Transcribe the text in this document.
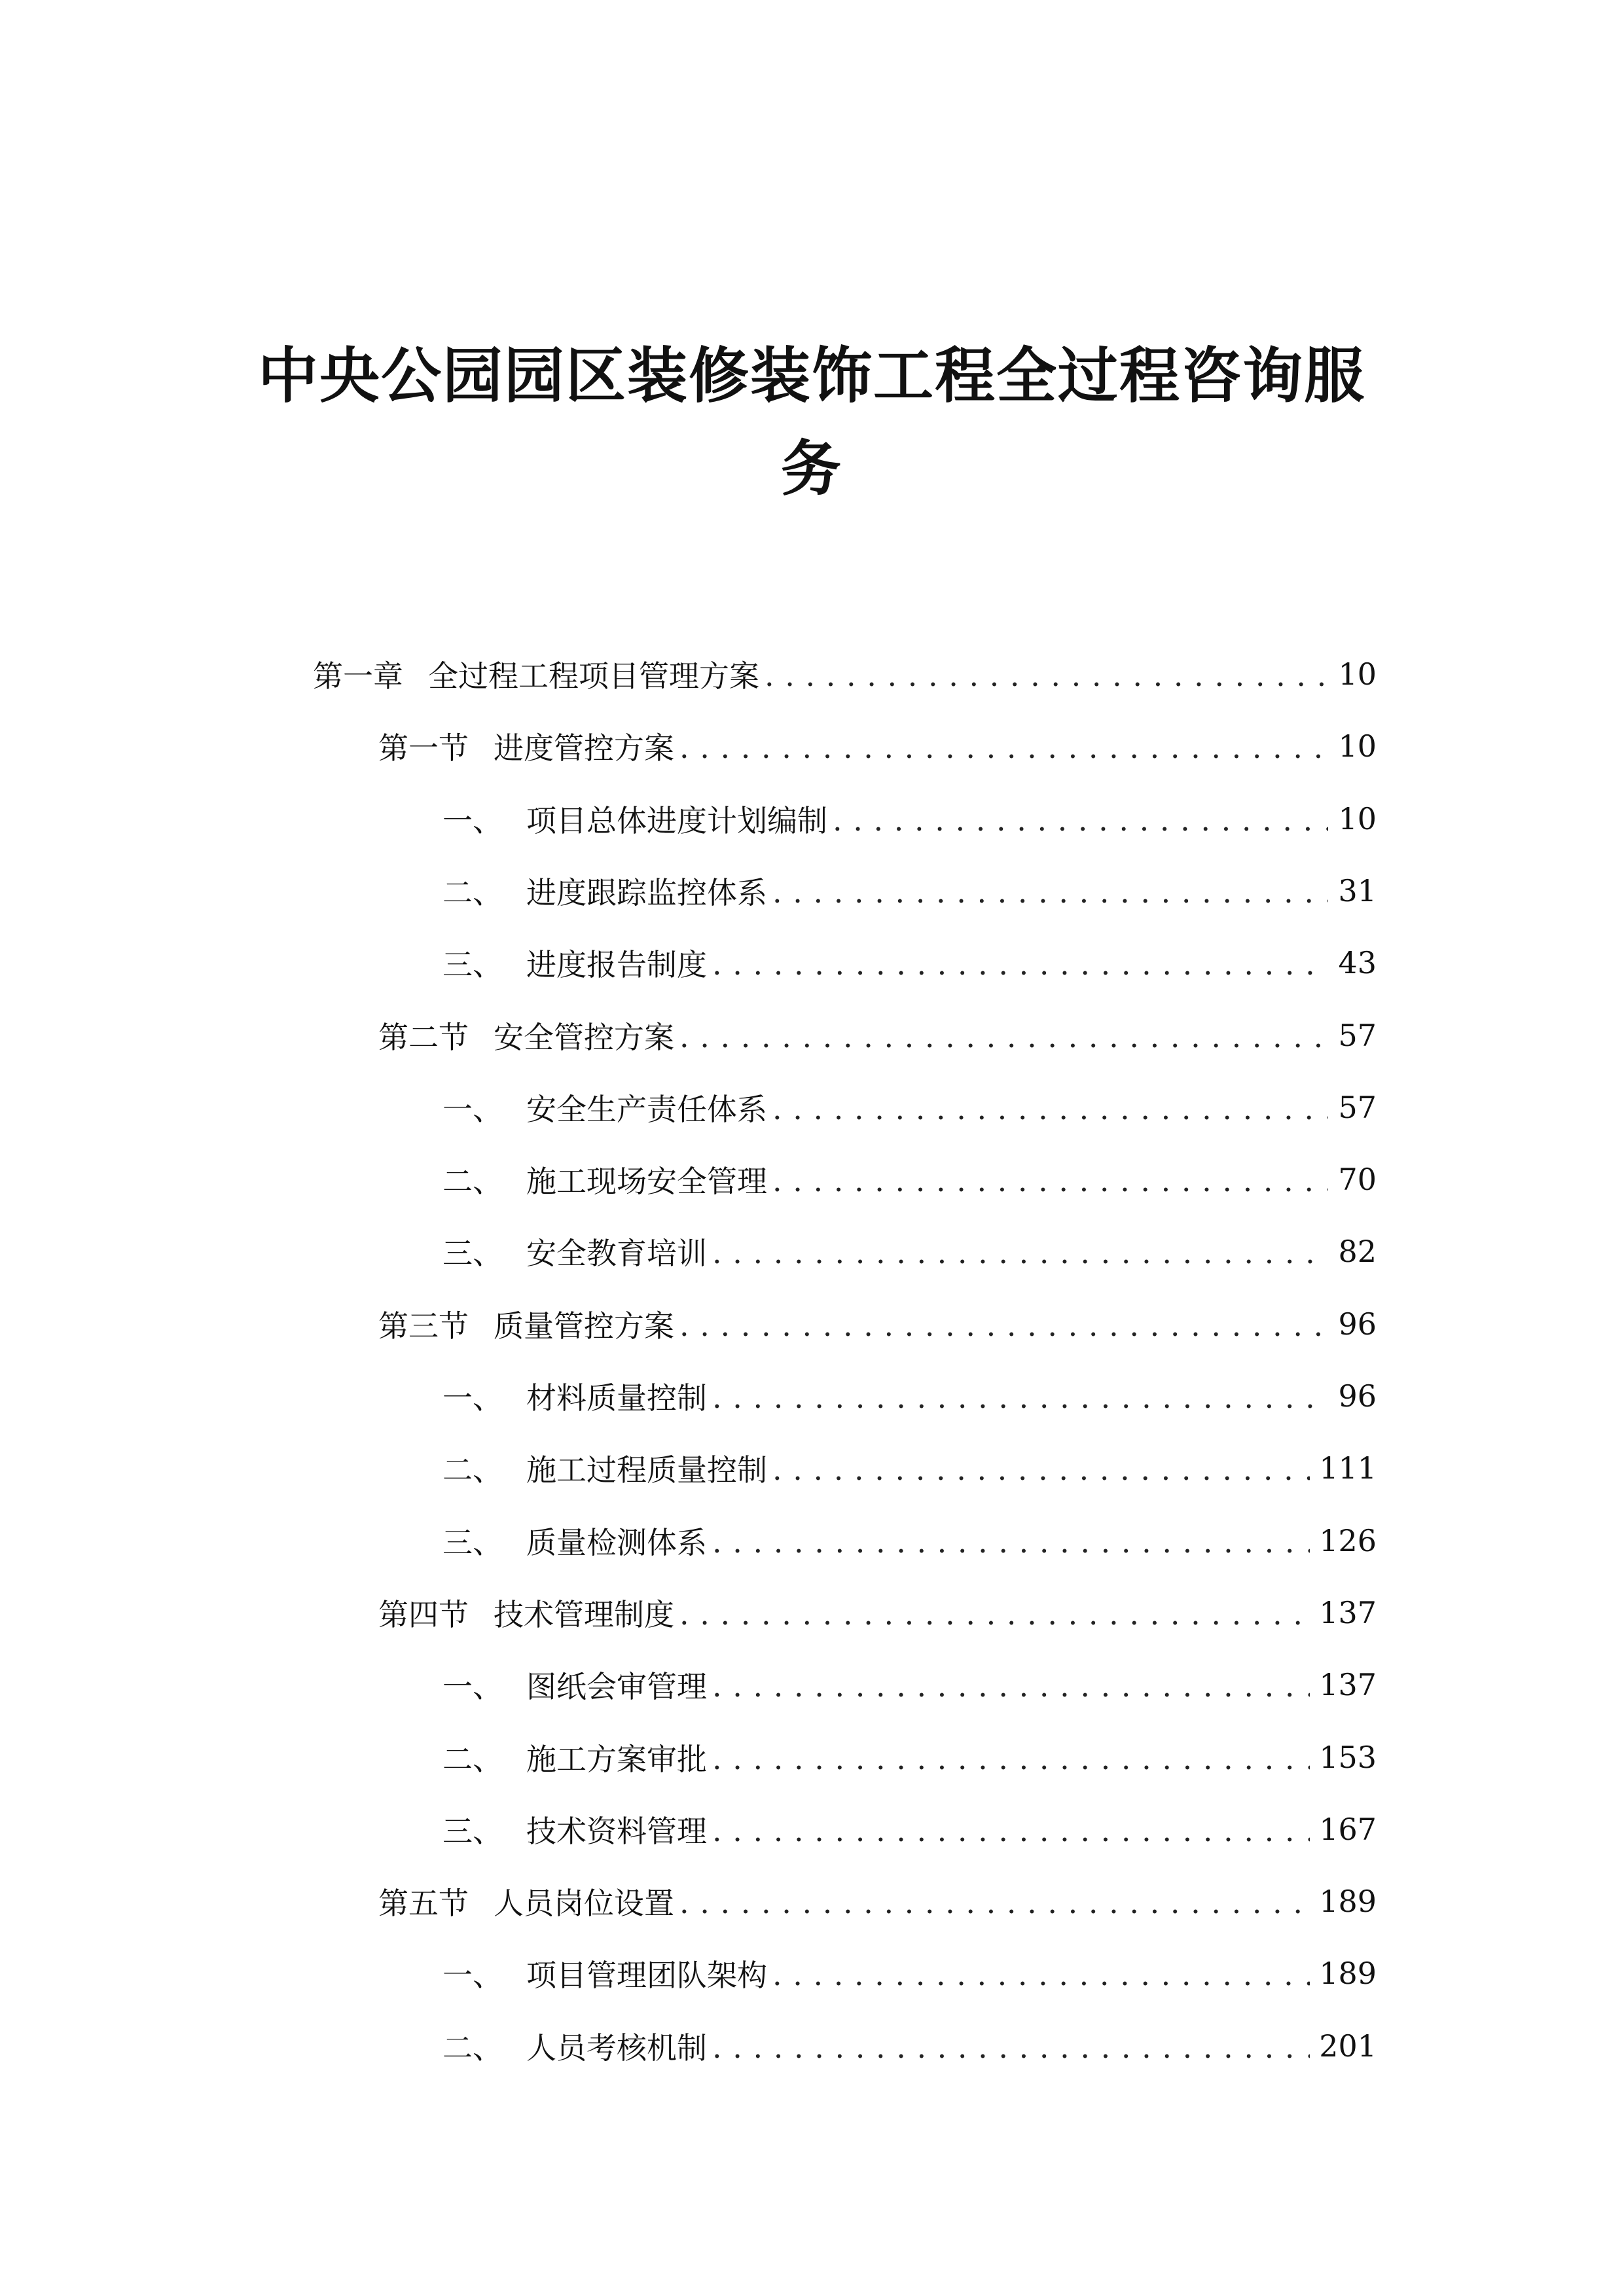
中央公园园区装修装饰工程全过程咨询服
务
第一章 全过程工程项目管理方案 . . .	10
第一节 进度管控方案 . . .	10
一、 项目总体进度计划编制 . . .	10
二、 进度跟踪监控体系 . . .	31
三、 进度报告制度 . . .	43
第二节 安全管控方案 . . .	57
一、 安全生产责任体系 . . .	57
二、 施工现场安全管理 . . .	70
三、 安全教育培训 . . .	82
第三节 质量管控方案 . . .	96
一、 材料质量控制 . . .	96
二、 施工过程质量控制 . . .	111
三、 质量检测体系 . . .	126
第四节 技术管理制度 . . .	137
一、 图纸会审管理 . . .	137
二、 施工方案审批 . . .	153
三、 技术资料管理 . . .	167
第五节 人员岗位设置 . . .	189
一、 项目管理团队架构 . . .	189
二、 人员考核机制 . . .	201
